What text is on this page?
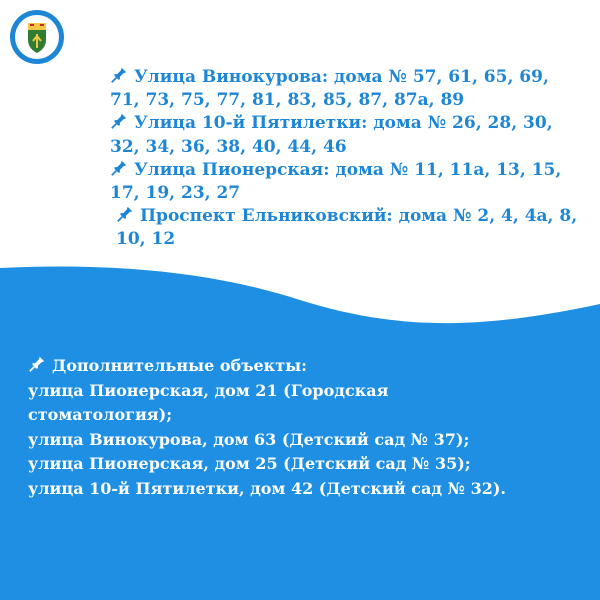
Улица Винокурова: дома № 57, 61, 65, 69, 71, 73, 75, 77, 81, 83, 85, 87, 87а, 89

Улица 10-й Пятилетки: дома № 26, 28, 30, 32, 34, 36, 38, 40, 44, 46

Улица Пионерская: дома № 11, 11а, 13, 15, 17, 19, 23, 27

Проспект Ельниковский: дома № 2, 4, 4а, 8, 10, 12

Дополнительные объекты:

улица Пионерская, дом 21 (Городская

стоматология);

улица Винокурова, дом 63 (Детский сад № 37);

улица Пионерская, дом 25 (Детский сад № 35);

улица 10-й Пятилетки, дом 42 (Детский сад № 32).
